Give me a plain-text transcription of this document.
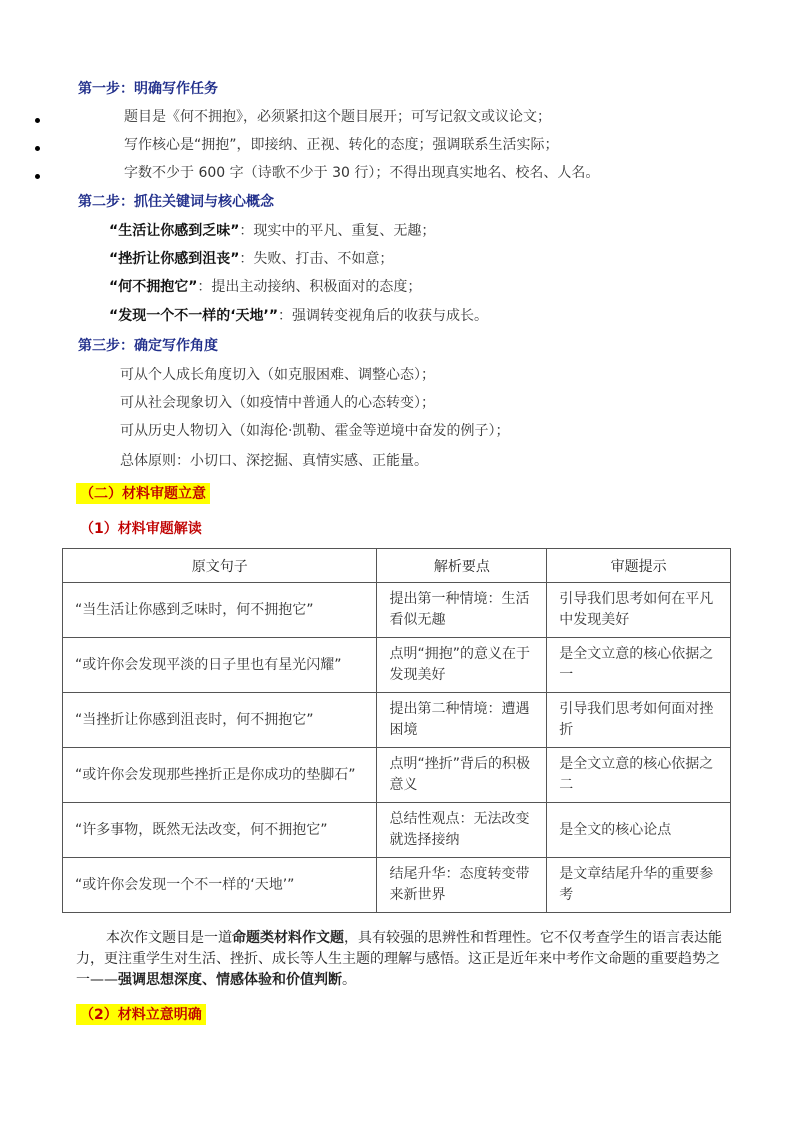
第一步：明确写作任务
题目是《何不拥抱》，必须紧扣这个题目展开；可写记叙文或议论文；
写作核心是“拥抱”，即接纳、正视、转化的态度；强调联系生活实际；
字数不少于 600 字（诗歌不少于 30 行）；不得出现真实地名、校名、人名。
第二步：抓住关键词与核心概念
“生活让你感到乏味”：现实中的平凡、重复、无趣；
“挫折让你感到沮丧”：失败、打击、不如意；
“何不拥抱它”：提出主动接纳、积极面对的态度；
“发现一个不一样的‘天地’”：强调转变视角后的收获与成长。
第三步：确定写作角度
可从个人成长角度切入（如克服困难、调整心态）；
可从社会现象切入（如疫情中普通人的心态转变）；
可从历史人物切入（如海伦·凯勒、霍金等逆境中奋发的例子）；
总体原则：小切口、深挖掘、真情实感、正能量。
（二）材料审题立意
（1）材料审题解读
原文句子	解析要点	审题提示
“当生活让你感到乏味时，何不拥抱它”	提出第一种情境：生活看似无趣	引导我们思考如何在平凡中发现美好
“或许你会发现平淡的日子里也有星光闪耀”	点明“拥抱”的意义在于发现美好	是全文立意的核心依据之一
“当挫折让你感到沮丧时，何不拥抱它”	提出第二种情境：遭遇困境	引导我们思考如何面对挫折
“或许你会发现那些挫折正是你成功的垫脚石”	点明“挫折”背后的积极意义	是全文立意的核心依据之二
“许多事物，既然无法改变，何不拥抱它”	总结性观点：无法改变就选择接纳	是全文的核心论点
“或许你会发现一个不一样的‘天地’”	结尾升华：态度转变带来新世界	是文章结尾升华的重要参考
本次作文题目是一道命题类材料作文题，具有较强的思辨性和哲理性。它不仅考查学生的语言表达能力，更注重学生对生活、挫折、成长等人生主题的理解与感悟。这正是近年来中考作文命题的重要趋势之一——强调思想深度、情感体验和价值判断。
（2）材料立意明确
